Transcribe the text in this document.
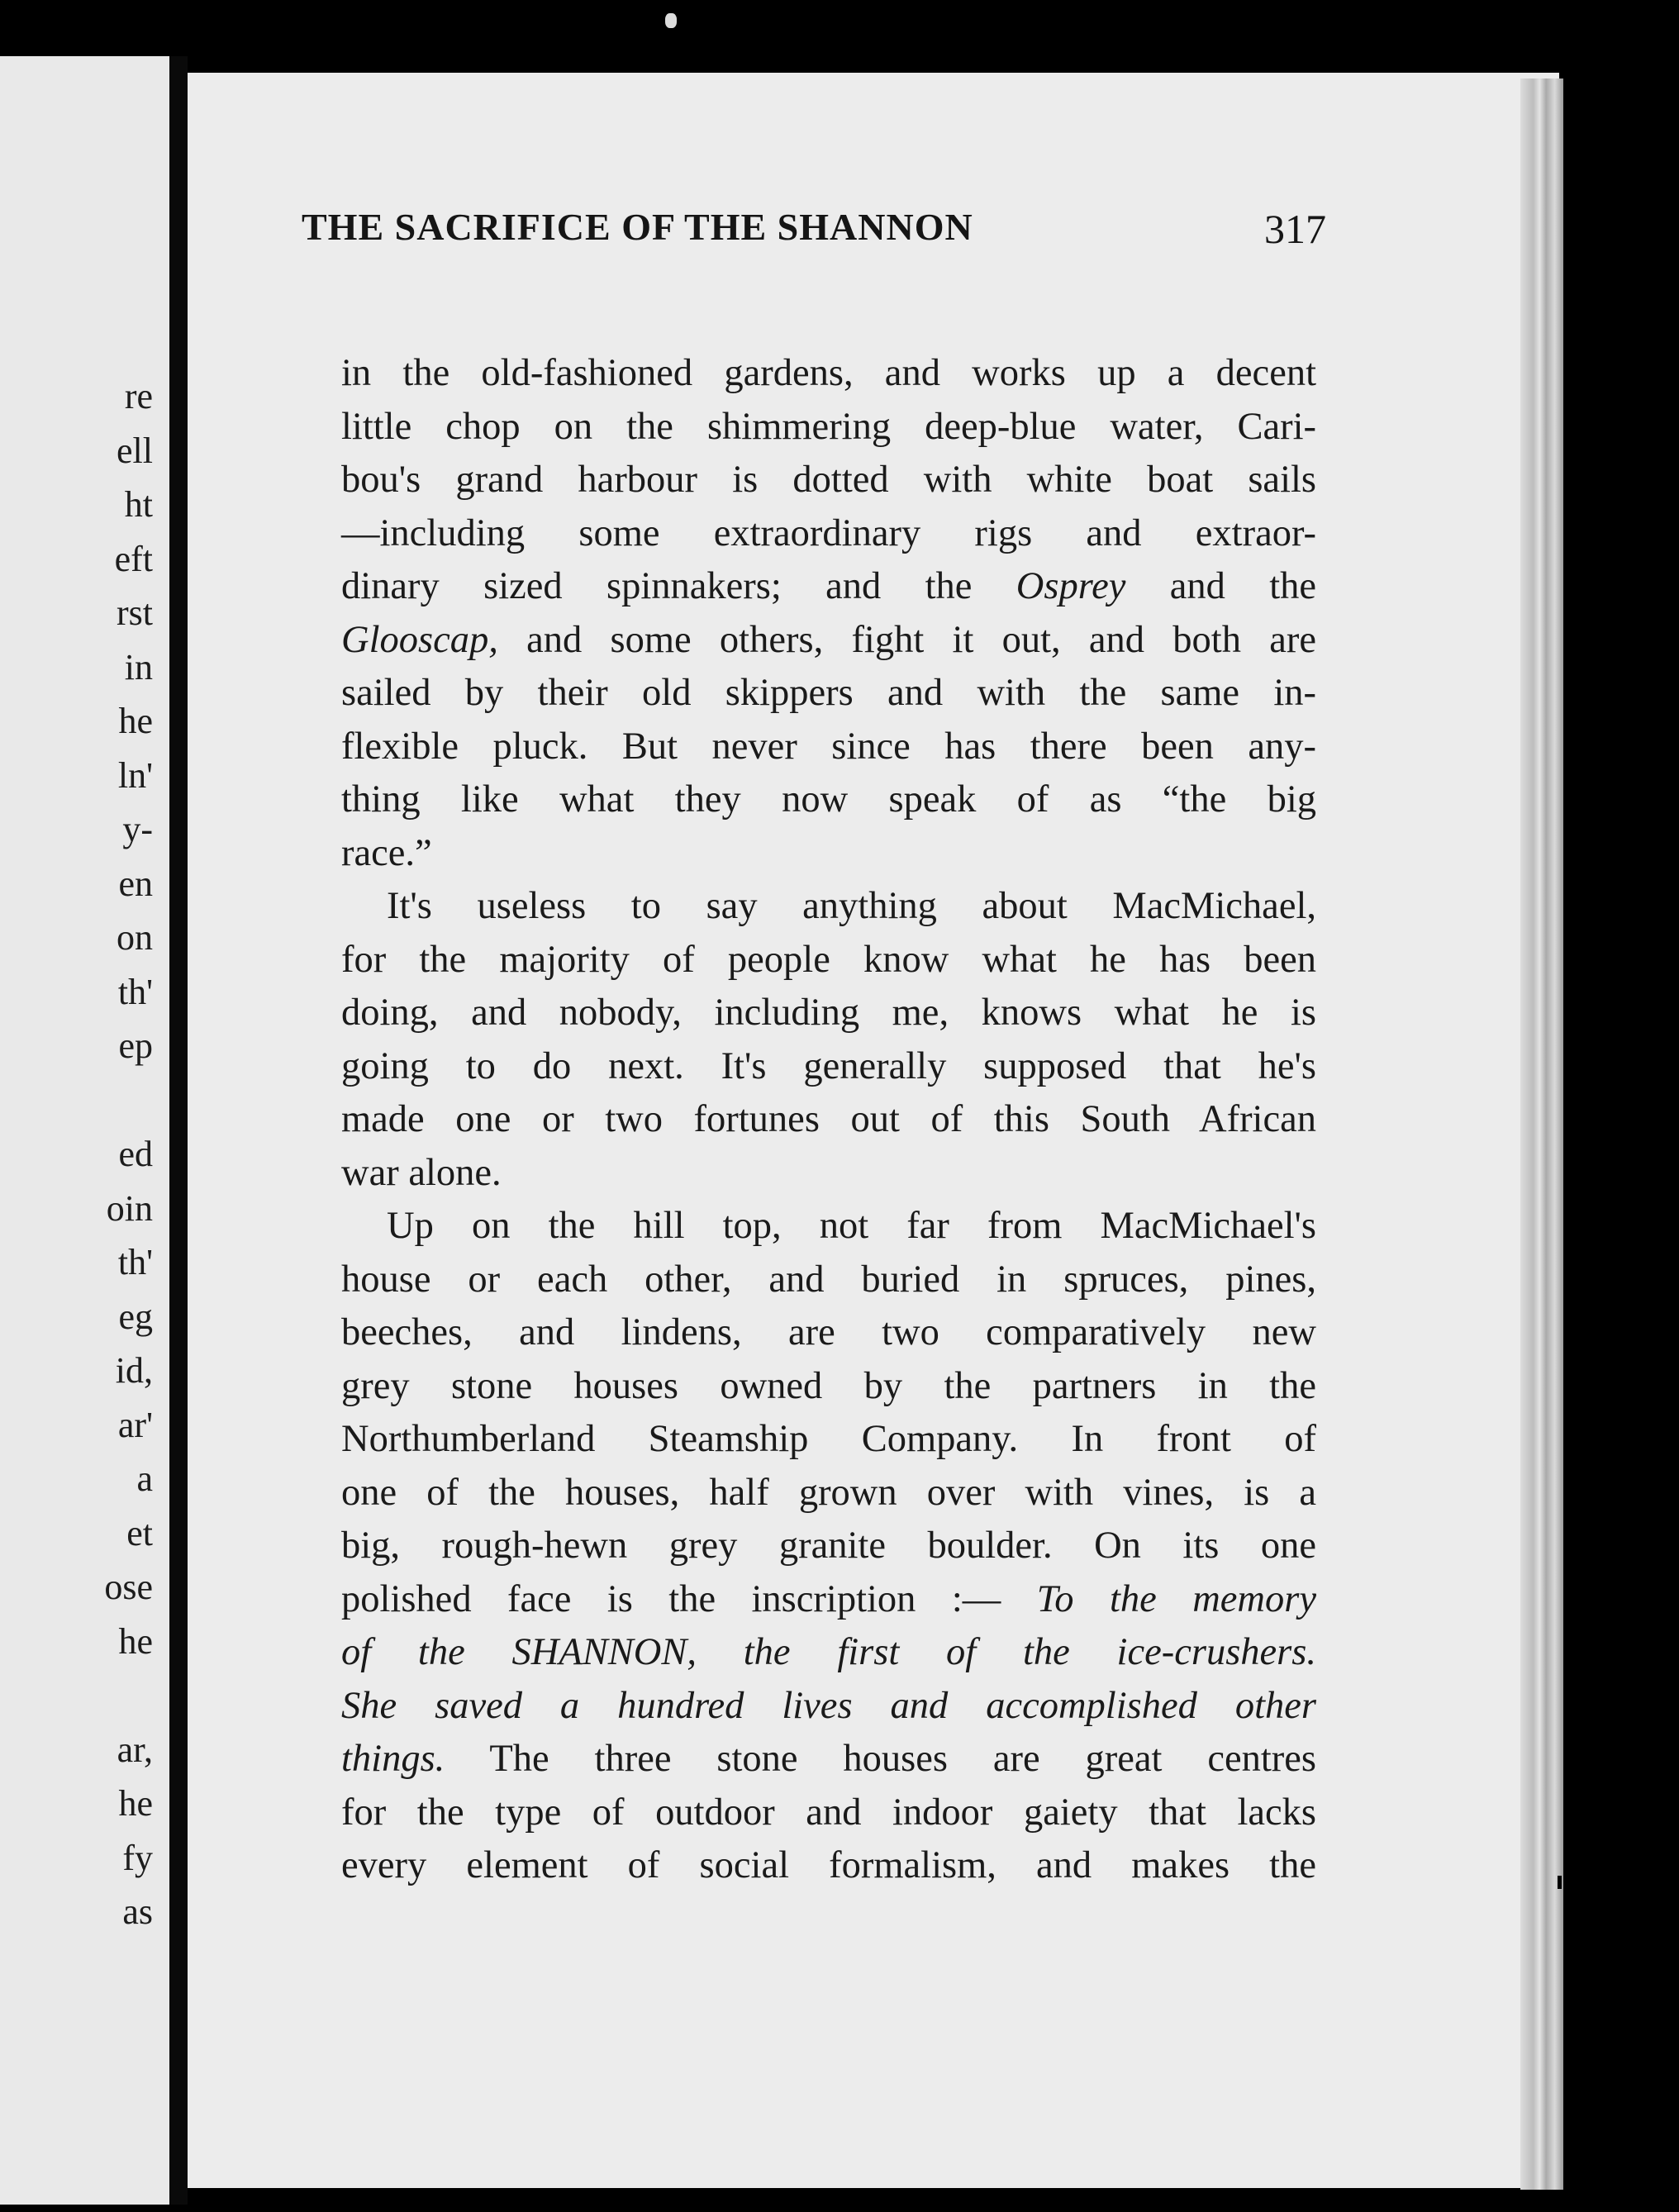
re
ell
ht
eft
rst
in
he
ln'
y-
en
on
th'
ep
ed
oin
th'
eg
id,
ar'
a
et
ose
he
ar,
he
fy
as
THE SACRIFICE OF THE SHANNON	317
in the old-fashioned gardens, and works up a decent
little chop on the shimmering deep-blue water, Cari-
bou's grand harbour is dotted with white boat sails
—including some extraordinary rigs and extraor-
dinary sized spinnakers; and the Osprey and the
Glooscap, and some others, fight it out, and both are
sailed by their old skippers and with the same in-
flexible pluck. But never since has there been any-
thing like what they now speak of as “the big
race.”
It's useless to say anything about MacMichael,
for the majority of people know what he has been
doing, and nobody, including me, knows what he is
going to do next. It's generally supposed that he's
made one or two fortunes out of this South African
war alone.
Up on the hill top, not far from MacMichael's
house or each other, and buried in spruces, pines,
beeches, and lindens, are two comparatively new
grey stone houses owned by the partners in the
Northumberland Steamship Company. In front of
one of the houses, half grown over with vines, is a
big, rough-hewn grey granite boulder. On its one
polished face is the inscription :— To the memory
of the SHANNON, the first of the ice-crushers.
She saved a hundred lives and accomplished other
things. The three stone houses are great centres
for the type of outdoor and indoor gaiety that lacks
every element of social formalism, and makes the
